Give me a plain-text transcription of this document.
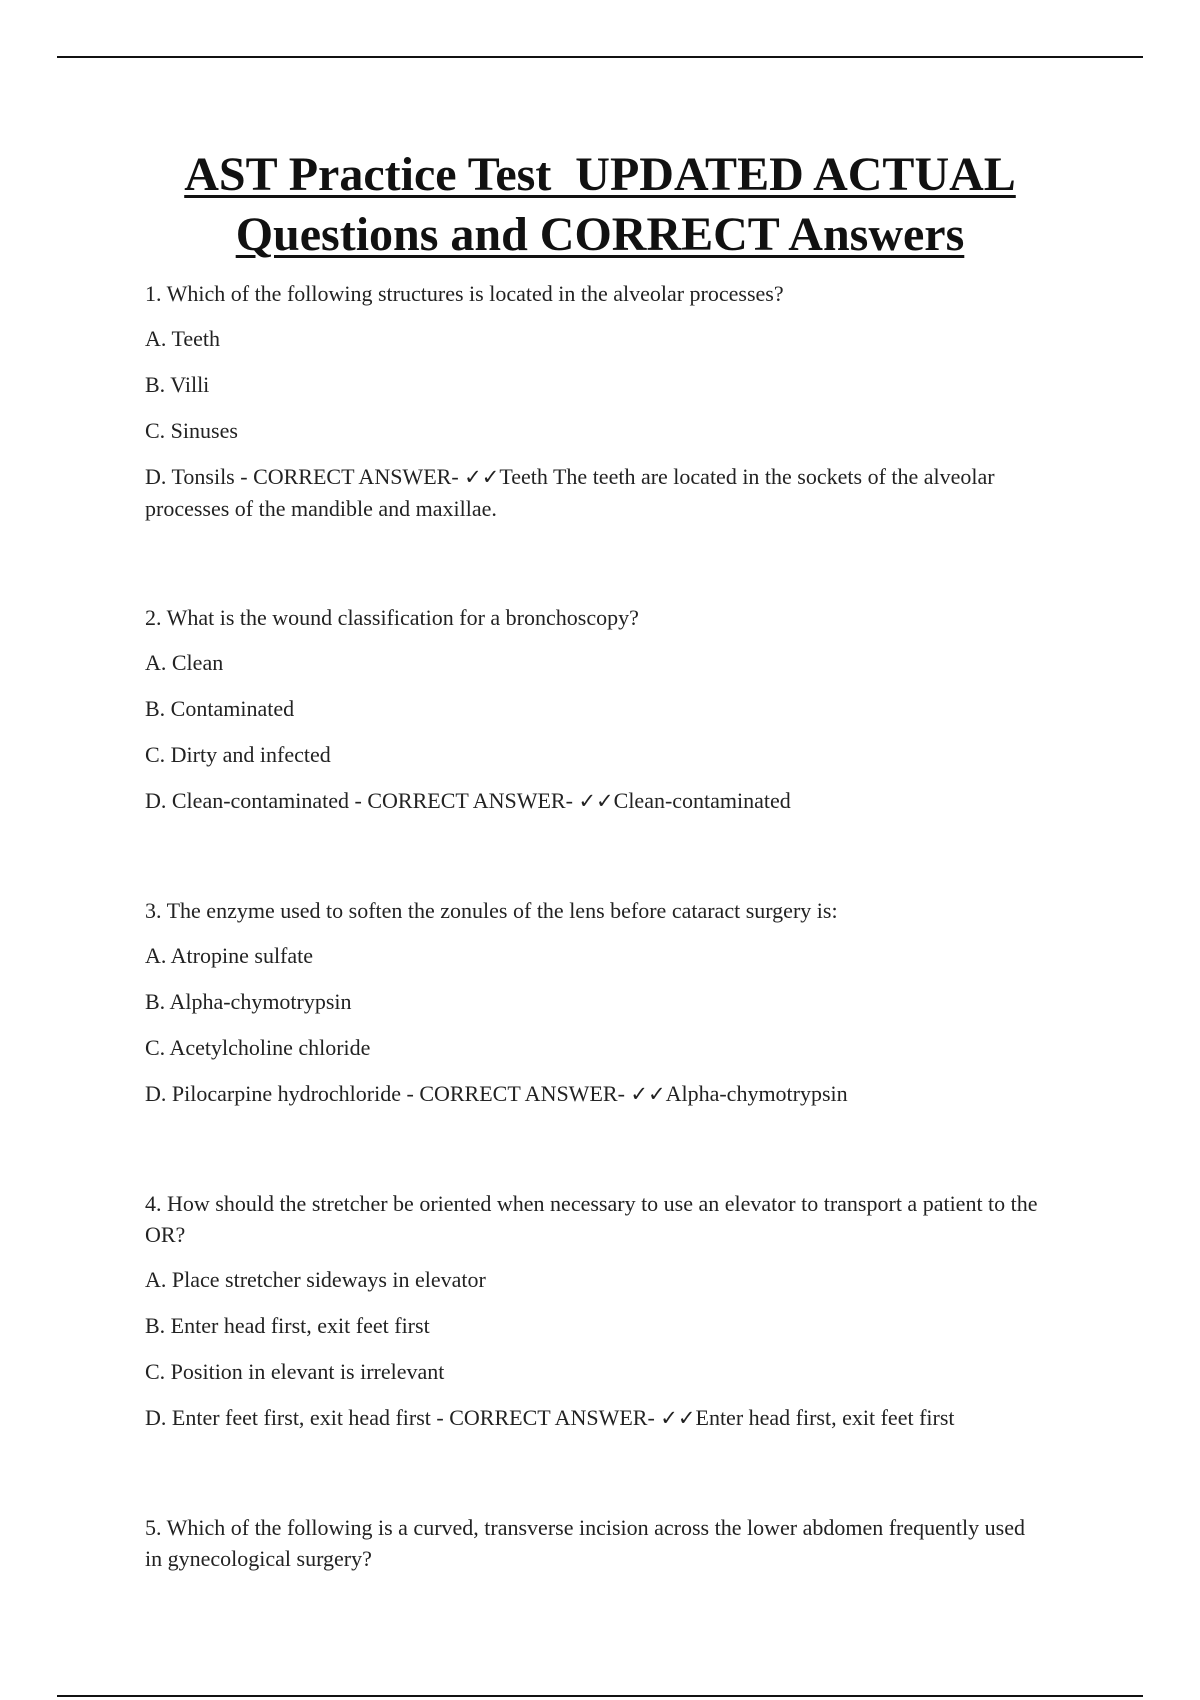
AST Practice Test  UPDATED ACTUAL
Questions and CORRECT Answers

1. Which of the following structures is located in the alveolar processes?

A. Teeth

B. Villi

C. Sinuses

D. Tonsils - CORRECT ANSWER- ✓✓Teeth The teeth are located in the sockets of the alveolar processes of the mandible and maxillae.

2. What is the wound classification for a bronchoscopy?

A. Clean

B. Contaminated

C. Dirty and infected

D. Clean-contaminated - CORRECT ANSWER- ✓✓Clean-contaminated

3. The enzyme used to soften the zonules of the lens before cataract surgery is:

A. Atropine sulfate

B. Alpha-chymotrypsin

C. Acetylcholine chloride

D. Pilocarpine hydrochloride - CORRECT ANSWER- ✓✓Alpha-chymotrypsin

4. How should the stretcher be oriented when necessary to use an elevator to transport a patient to the OR?

A. Place stretcher sideways in elevator

B. Enter head first, exit feet first

C. Position in elevant is irrelevant

D. Enter feet first, exit head first - CORRECT ANSWER- ✓✓Enter head first, exit feet first

5. Which of the following is a curved, transverse incision across the lower abdomen frequently used in gynecological surgery?
